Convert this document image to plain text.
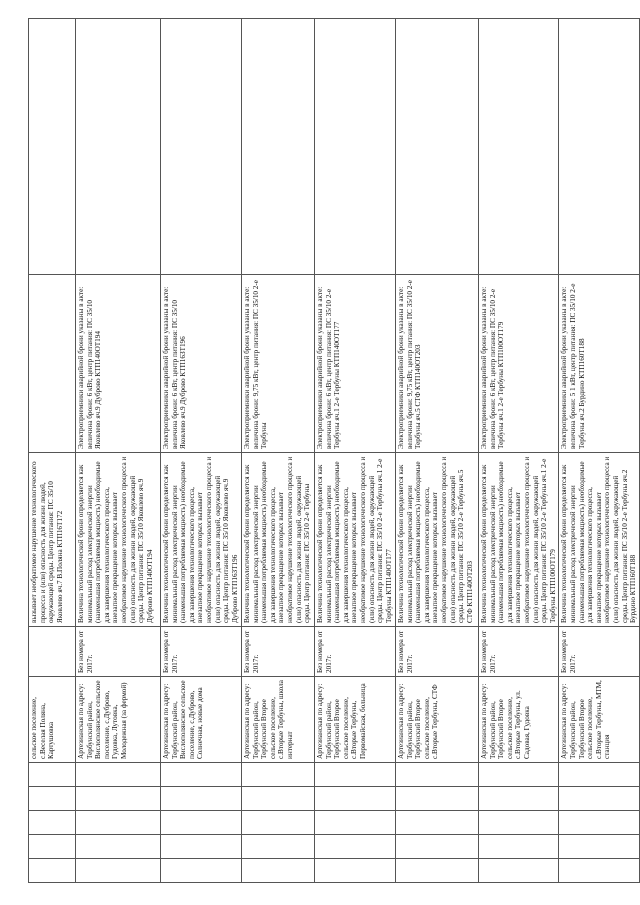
					сельское поселение, с.Веселая Поляна, Картушовка		вызывает необратимое нарушение технологического процесса и (или) опасность для жизни людей, окружающей среды. Центр питания: ПС 35/10 Яковлево яч.7 В.Поляна КТП16Т172		
					Артезианская по адресу: Тербунский район, Вислополянское сельское поселение, с.Дуброво, Гудовка, Лутовка, Молодежная (за фермой)	Без номера от 2017г.	Величина технологической брони определяется как минимальный расход электрической энергии (наименьшая потребляемая мощность) необходимые для завершения технологического процесса, внезапное прекращение которых вызывает необратимое нарушение технологического процесса и (или) опасность для жизни людей, окружающей среды. Центр питания: ПС 35/10 Яковлево яч.9 Дуброво КТП140ОТ194	Электроприемники аварийной брони указаны в акте: величина брони: 6 кВт, центр питания: ПС 35/10 Яковлево яч.9 Дуброво КТП140ОТ194	
					Артезианская по адресу: Тербунский район, Вислополянское сельское поселение, с.Дуброво, Солнечная, новые дома	Без номера от 2017г.	Величина технологической брони определяется как минимальный расход электрической энергии (наименьшая потребляемая мощность) необходимые для завершения технологического процесса, внезапное прекращение которых вызывает необратимое нарушение технологического процесса и (или) опасность для жизни людей, окружающей среды. Центр питания: ПС 35/10 Яковлево яч.9 Дуброво КТП163Т196	Электроприемники аварийной брони указаны в акте: величина брони: 6 кВт, центр питания: ПС 35/10 Яковлево яч.9 Дуброво КТП163Т196	
					Артезианская по адресу: Тербунский район, Тербунский Второе сельское поселение, с.Вторые Тербуны, школа интернат	Без номера от 2017г.	Величина технологической брони определяется как минимальный расход электрической энергии (наименьшая потребляемая мощность) необходимые для завершения технологического процесса, внезапное прекращение которых вызывает необратимое нарушение технологического процесса и (или) опасность для жизни людей, окружающей среды. Центр питания: ПС 35/10 2-е Тербуны	Электроприемники аварийной брони указаны в акте: величина брони: 9,75 кВт, центр питания: ПС 35/10 2-е Тербуны	
					Артезианская по адресу: Тербунский район, Тербунский Второе сельское поселение, с.Вторые Тербуны, Первомайская, больница	Без номера от 2017г.	Величина технологической брони определяется как минимальный расход электрической энергии (наименьшая потребляемая мощность) необходимые для завершения технологического процесса, внезапное прекращение которых вызывает необратимое нарушение технологического процесса и (или) опасность для жизни людей, окружающей среды. Центр питания: ПС 35/10 2-е Тербуны яч.1 2-е Тербуны КТП140ОТ177	Электроприемники аварийной брони указаны в акте: величина брони: 6 кВт, центр питания: ПС 35/10 2-е Тербуны яч.1 2-е Тербуны КТП140ОТ177	
					Артезианская по адресу: Тербунский район, Тербунский Второе сельское поселение, с.Вторые Тербуны, СТФ	Без номера от 2017г.	Величина технологической брони определяется как минимальный расход электрической энергии (наименьшая потребляемая мощность) необходимые для завершения технологического процесса, внезапное прекращение которых вызывает необратимое нарушение технологического процесса и (или) опасность для жизни людей, окружающей среды. Центр питания: ПС 35/10 2-е Тербуны яч.5 СТФ КТП140ОТ203	Электроприемники аварийной брони указаны в акте: величина брони: 9,75 кВт, центр питания: ПС 35/10 2-е Тербуны яч.5 СТФ КТП140ОТ203	
					Артезианская по адресу: Тербунский район, Тербунский Второе сельское поселение, с.Вторые Тербуны, ул. Садовая, Гудовка	Без номера от 2017г.	Величина технологической брони определяется как минимальный расход электрической энергии (наименьшая потребляемая мощность) необходимые для завершения технологического процесса, внезапное прекращение которых вызывает необратимое нарушение технологического процесса и (или) опасность для жизни людей, окружающей среды. Центр питания: ПС 35/10 2-е Тербуны яч.1 2-е Тербуны КТП100ОТ179	Электроприемники аварийной брони указаны в акте: величина брони: 6 кВт, центр питания: ПС 35/10 2-е Тербуны яч.1 2-е Тербуны КТП100ОТ179	
					Артезианская по адресу: Тербунский район, Тербунский Второе сельское поселение, с.Вторые Тербуны, МТМ, станция	Без номера от 2017г.	Величина технологической брони определяется как минимальный расход электрической энергии (наименьшая потребляемая мощность) необходимые для завершения технологического процесса, внезапное прекращение которых вызывает необратимое нарушение технологического процесса и (или) опасность для жизни людей, окружающей среды. Центр питания: ПС 35/10 2-е Тербуны яч.2 Бурдино КТП160Т188	Электроприемники аварийной брони указаны в акте: величина брони: 5 1 кВт, центр питания: ПС 35/10 2-е Тербуны яч.2 Бурдино КТП160Т188	
